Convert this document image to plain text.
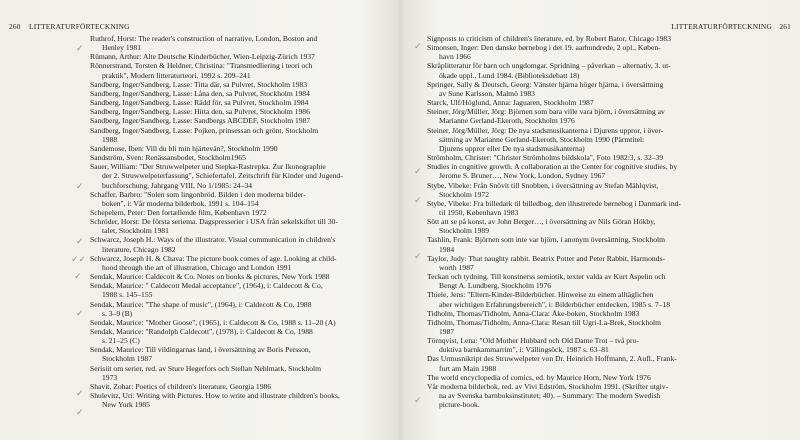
260 LITTERATURFÖRTECKNING
✓
✓
✓
✓✓
✓
✓
✓
✓
Ruthrof, Horst: The reader's construction of narrative, London, Boston and
Henley 1981
Rümann, Arthur: Alte Deutsche Kinderbücher, Wien-Leipzig-Zürich 1937
Rönnerstrand, Torsten & Heldner, Christina: "Transmedliering i teori och
praktik", Modern litteraturteori, 1992 s. 209–241
Sandberg, Inger/Sandberg, Lasse: Titta där, sa Pulvret, Stockholm 1983
Sandberg, Inger/Sandberg, Lasse: Låna den, sa Pulvret, Stockholm 1984
Sandberg, Inger/Sandberg, Lasse: Rädd för, sa Pulvret, Stockholm 1984
Sandberg, Inger/Sandberg, Lasse: Hitta den, sa Pulvret, Stockholm 1986
Sandberg, Inger/Sandberg, Lasse: Sandbergs ABCDEF, Stockholm 1987
Sandberg, Inger/Sandberg, Lasse: Pojken, prinsessan och grönt, Stockholm
1988
Sandemose, Iben: Vill du bli min hjärtevän?, Stockholm 1990
Sandström, Sven: Renässansbodet, Stockholm1965
Sauer, William: "Der Struwwelpeter und Stepka-Rastrepka. Zur Ikonographie
der 2. Struwwelpeterfassung", Schiefertafel. Zeitschrift für Kinder und Jugend-
buchforschung, Jahrgang VIII, No 1/1985: 24–34
Schaffer, Barbro: "Solen som lingonbröd. Bilden i den moderna bilder-
boken", i: Vår moderna bilderbok, 1991 s. 104–154
Schepelern, Peter: Den fortællende film, København 1972
Schröder, Horst: De första seriema. Dagspresserier i USA från sekelskiftet till 30-
talet, Stockholm 1981
Schwarcz, Joseph H.: Ways of the illustrator. Visual communication in children's
literature, Chicago 1982
Schwarcz, Joseph H. & Chava: The picture book comes of age. Looking at child-
hood through the art of illustration, Chicago and London 1991
Sendak, Maurice: Caldecott & Co. Notes on books & pictures, New York 1988
Sendak, Maurice: " Caldecott Medal acceptance", (1964), i: Caldecott & Co,
1988 s. 145–155
Sendak, Maurice: "The shape of music", (1964), i: Caldecott & Co, 1988
s. 3–9 (B)
Sendak, Maurice: "Mother Goose", (1965), i: Caldecott & Co, 1988 s. 11–20 (A)
Sendak, Maurice: "Randolph Caldecott", (1978), i: Caldecott & Co, 1988
s. 21–25 (C)
Sendak, Maurice: Till vildingarnas land, i översättning av Boris Persson,
Stockholm 1987
Serisiit om serier, red. av Sture Hegerfors och Stellan Nehlmark, Stockholm
1973
Shavit, Zohar: Poetics of children's literature, Georgia 1986
Shulevitz, Uri: Writing with Pictures. How to write and illustrate children's books,
New York 1985
LITTERATURFÖRTECKNING 261
✓
✓
✓
✓
✓
Signposts to criticism of children's literature, ed. by Robert Bator, Chicago 1983
Simonsen, Inger: Den danske børnebog i det 19. aarhundrede, 2 opl., Køben-
havn 1966
Skråplitteratur för barn och ungdomgar. Spridning – påverkan – alternativ, 3. ut-
ökade uppl., Lund 1984. (Biblioteksdebatt 18)
Springer, Sally & Deutsch, Georg: Vänster hjärna höger hjärna, i översättning
av Sune Karlsson, Malmö 1983
Starck, Ulf/Höglund, Anna: Jaguaren, Stockholm 1987
Steiner, Jörg/Müller, Jörg: Björnen som bara ville vara björn, i översättning av
Marianne Gerland-Ekeroth, Stockholm 1976
Steiner, Jörg/Müller, Jörg: De nya stadsmusikanterna i Djurens uppror, i över-
sättning av Marianne Gerland-Ekeroth, Stockholm 1990 (Pärmtitel:
Djurens uppror eller De nya stadsmusikanterna)
Strömholm, Christer: "Christer Strömholms bildskola", Foto 1982:3, s. 32–39
Studies in cognitive growth. A collaboration at the Center for cognitive studies, by
Jerome S. Bruner…, New York, London, Sydney 1967
Stybe, Vibeke: Från Snövit till Snobben, i översättning av Stefan Mählqvist,
Stockholm 1972
Stybe, Vibeke: Fra billedark til billedbog, den illustrerede børnebog i Danmark ind-
til 1950, København 1983
Sött att se på konst, av John Berger…, i översättning av Nils Göran Hökby,
Stockholm 1989
Tashlin, Frank: Björnen som inte var björn, i anonym översättning, Stockholm
1984
Taylor, Judy: That naughty rabbit. Beatrix Potter and Peter Rabbit, Harmonds-
worth 1987
Teckan och tydning. Till konstnerss semiotik, texter valda av Kurt Aspelin och
Bengt A. Lundberg, Stockholm 1976
Thiele, Jens: "Eltern-Kinder-Bilderbücher. Hinweise zu einem alltäglichen
aber wichtigen Erfahrungsbereich", i: Bilderbücher entdecken, 1985 s. 7–18
Tidholm, Thomas/Tidholm, Anna-Clara: Åke-boken, Stockholm 1983
Tidholm, Thomas/Tidholm, Anna-Clara: Resan till Ugri-La-Brek, Stockholm
1987
Törnqvist, Lena: "Old Mother Hubbard och Old Dame Trot – två pro-
duktiva barnkammarrim", i: Vällingsöck, 1987 s. 63–81
Das Urmusnikript des Struwwelpeter von Dr. Heinrich Hoffmann, 2. Aufl., Frank-
furt am Main 1988
The world encyclopedia of comics, ed. by Maurice Horn, New York 1976
Vår moderna bilderbok, red. av Vivi Edström, Stockholm 1991. (Skrifter utgiv-
na av Svenska barnboksinstitutet; 40). – Summary: The modern Swedish
picture-book.
